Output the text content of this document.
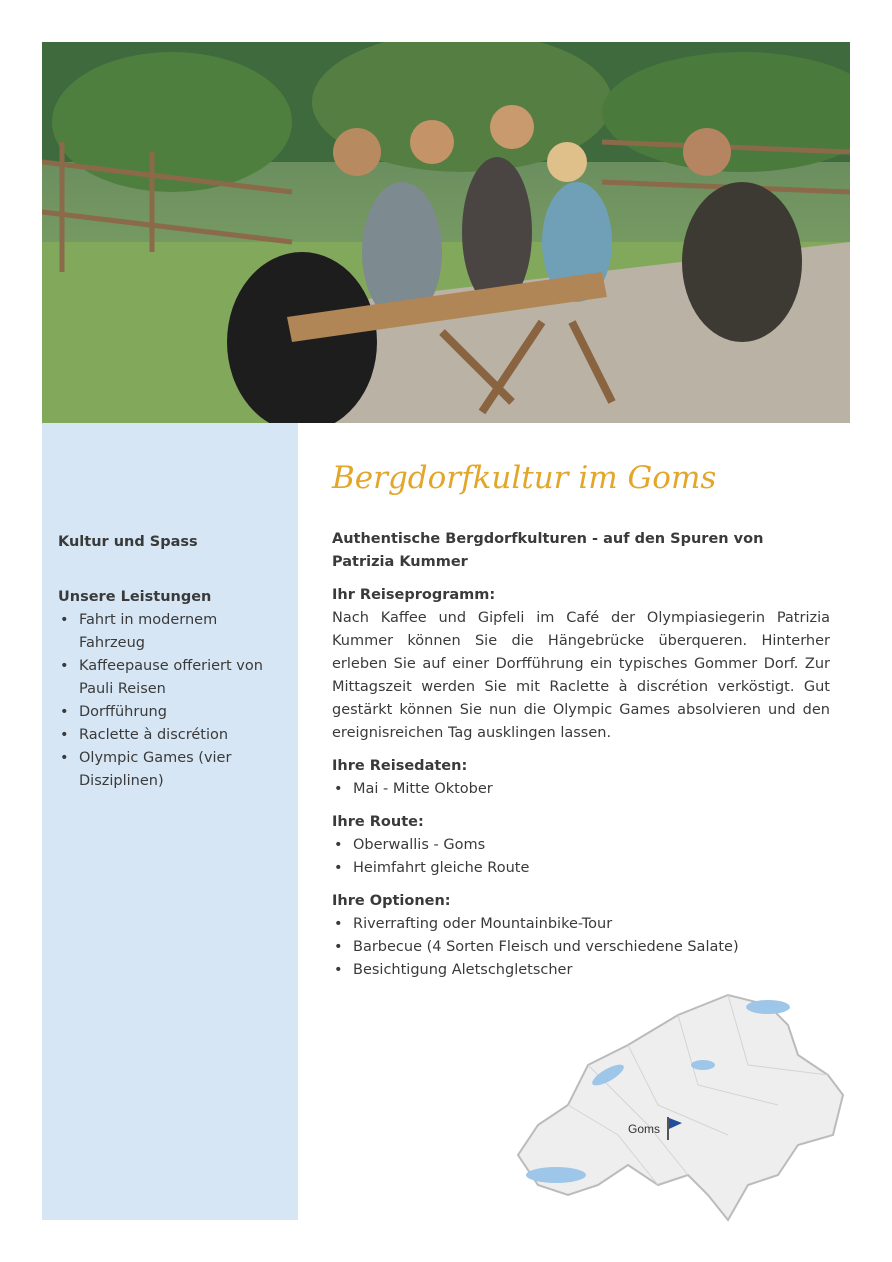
Kultur und Spass

Unsere Leistungen

• Fahrt in modernem Fahrzeug
• Kaffeepause offeriert von Pauli Reisen
• Dorfführung
• Raclette à discrétion
• Olympic Games (vier Disziplinen)
Bergdorfkultur im Goms

Authentische Bergdorfkulturen - auf den Spuren von Patrizia Kummer

Ihr Reiseprogramm:

Nach Kaffee und Gipfeli im Café der Olympiasiegerin Patrizia Kummer können Sie die Hängebrücke überqueren. Hinterher erleben Sie auf einer Dorfführung ein typisches Gommer Dorf. Zur Mittagszeit werden Sie mit Raclette à discrétion verköstigt. Gut gestärkt können Sie nun die Olympic Games absolvieren und den ereignisreichen Tag ausklingen lassen.

Ihre Reisedaten:

• Mai - Mitte Oktober

Ihre Route:

• Oberwallis - Goms
• Heimfahrt gleiche Route

Ihre Optionen:

• Riverrafting oder Mountainbike-Tour
• Barbecue (4 Sorten Fleisch und verschiedene Salate)
• Besichtigung Aletschgletscher
Goms
